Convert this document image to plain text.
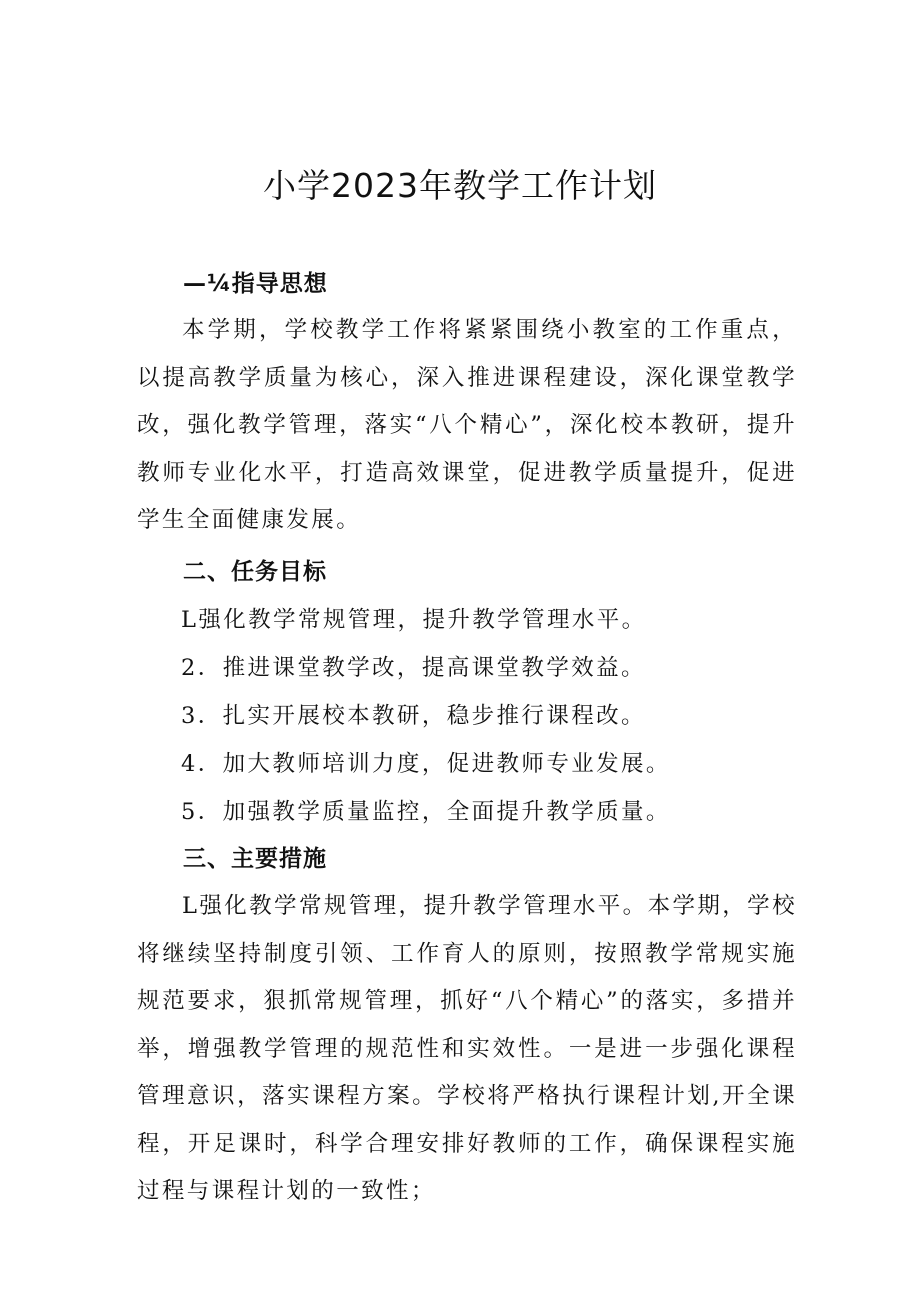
小学2023年教学工作计划
—¼指导思想

本学期，学校教学工作将紧紧围绕小教室的工作重点，以提高教学质量为核心，深入推进课程建设，深化课堂教学改，强化教学管理，落实“八个精心”，深化校本教研，提升教师专业化水平，打造高效课堂，促进教学质量提升，促进学生全面健康发展。

二、任务目标

L强化教学常规管理，提升教学管理水平。

2．推进课堂教学改，提高课堂教学效益。

3．扎实开展校本教研，稳步推行课程改。

4．加大教师培训力度，促进教师专业发展。

5．加强教学质量监控，全面提升教学质量。

三、主要措施

L强化教学常规管理，提升教学管理水平。本学期，学校将继续坚持制度引领、工作育人的原则，按照教学常规实施规范要求，狠抓常规管理，抓好“八个精心”的落实，多措并举，增强教学管理的规范性和实效性。一是进一步强化课程管理意识，落实课程方案。学校将严格执行课程计划,开全课程，开足课时，科学合理安排好教师的工作，确保课程实施过程与课程计划的一致性；
